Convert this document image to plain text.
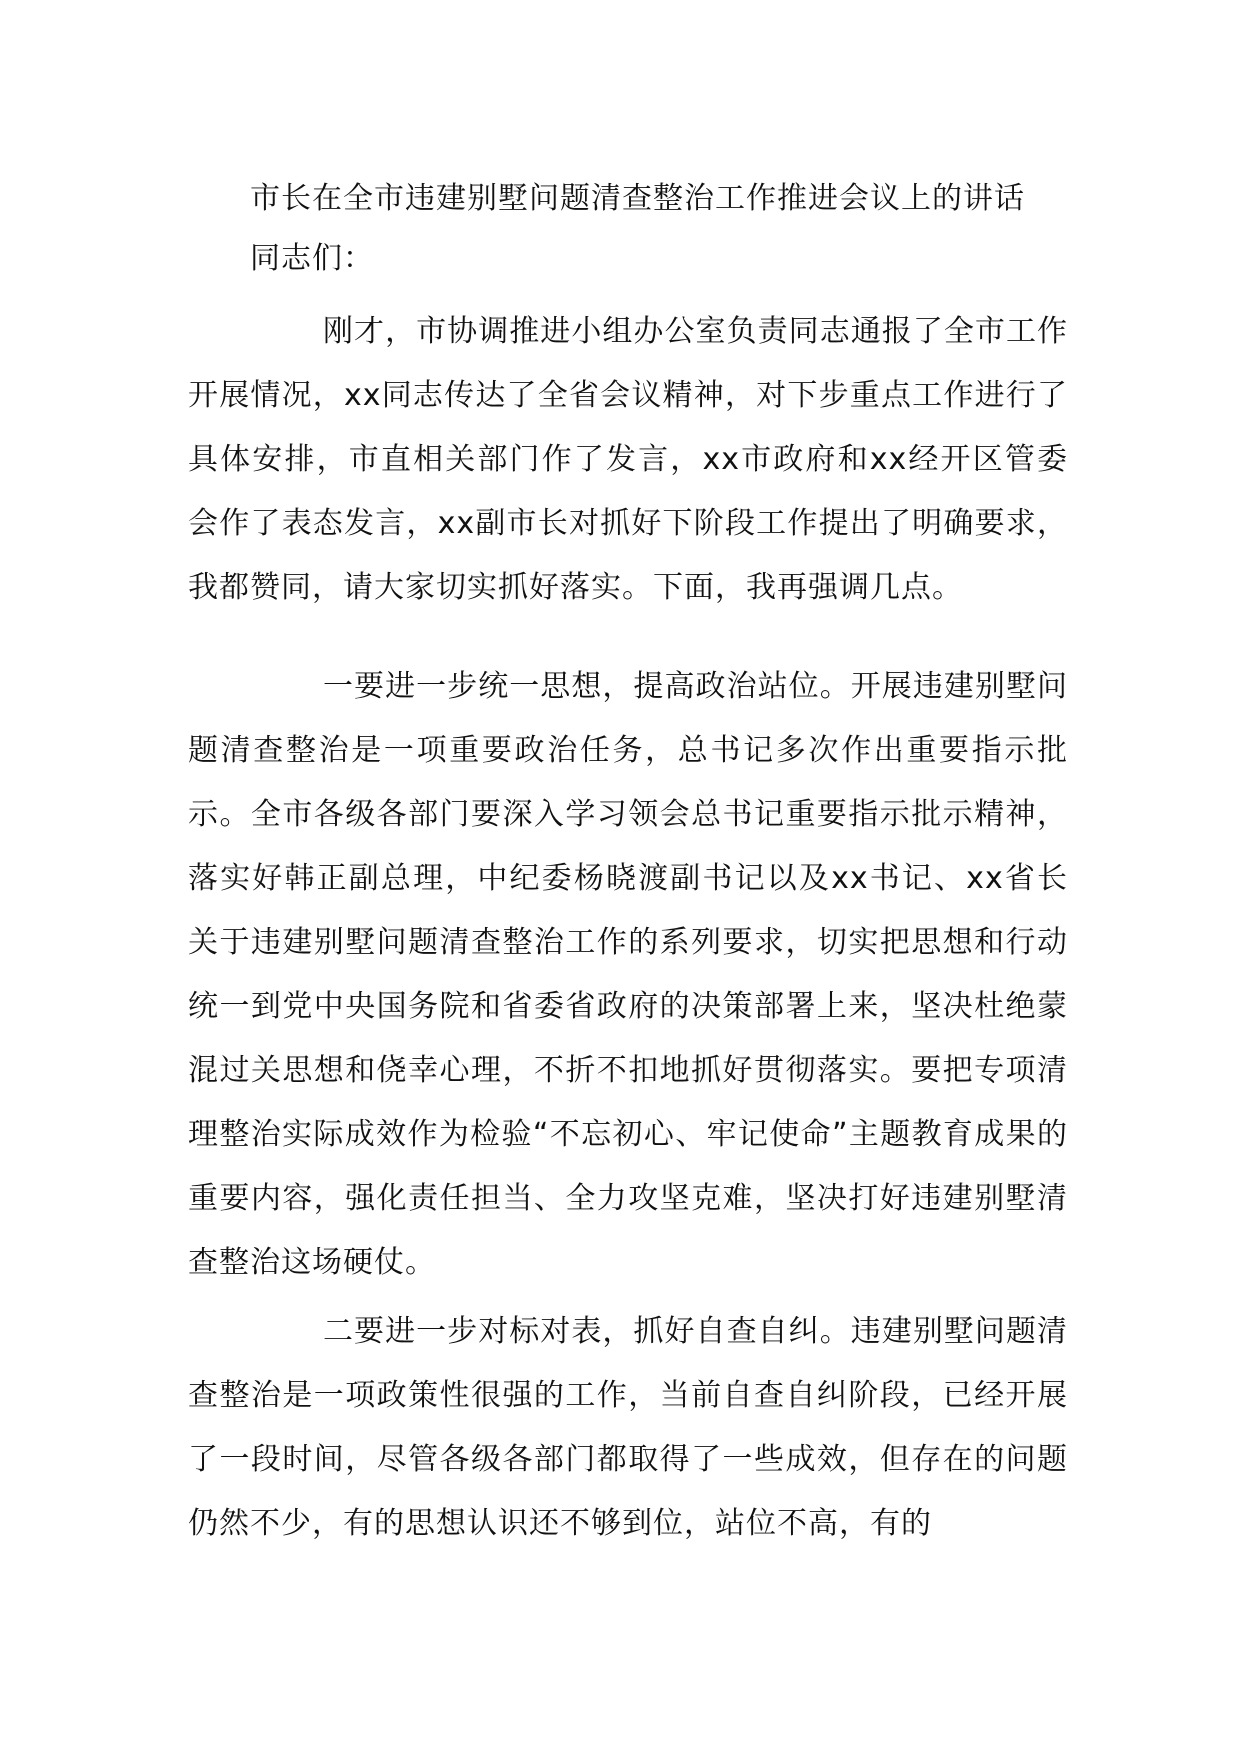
市长在全市违建别墅问题清查整治工作推进会议上的讲话
同志们：

刚才，市协调推进小组办公室负责同志通报了全市工作开展情况，xx同志传达了全省会议精神，对下步重点工作进行了具体安排，市直相关部门作了发言，xx市政府和xx经开区管委会作了表态发言，xx副市长对抓好下阶段工作提出了明确要求，我都赞同，请大家切实抓好落实。下面，我再强调几点。

一要进一步统一思想，提高政治站位。开展违建别墅问题清查整治是一项重要政治任务，总书记多次作出重要指示批示。全市各级各部门要深入学习领会总书记重要指示批示精神，落实好韩正副总理，中纪委杨晓渡副书记以及xx书记、xx省长关于违建别墅问题清查整治工作的系列要求，切实把思想和行动统一到党中央国务院和省委省政府的决策部署上来，坚决杜绝蒙混过关思想和侥幸心理，不折不扣地抓好贯彻落实。要把专项清理整治实际成效作为检验“不忘初心、牢记使命”主题教育成果的重要内容，强化责任担当、全力攻坚克难，坚决打好违建别墅清查整治这场硬仗。

二要进一步对标对表，抓好自查自纠。违建别墅问题清查整治是一项政策性很强的工作，当前自查自纠阶段，已经开展了一段时间，尽管各级各部门都取得了一些成效，但存在的问题仍然不少，有的思想认识还不够到位，站位不高，有的
